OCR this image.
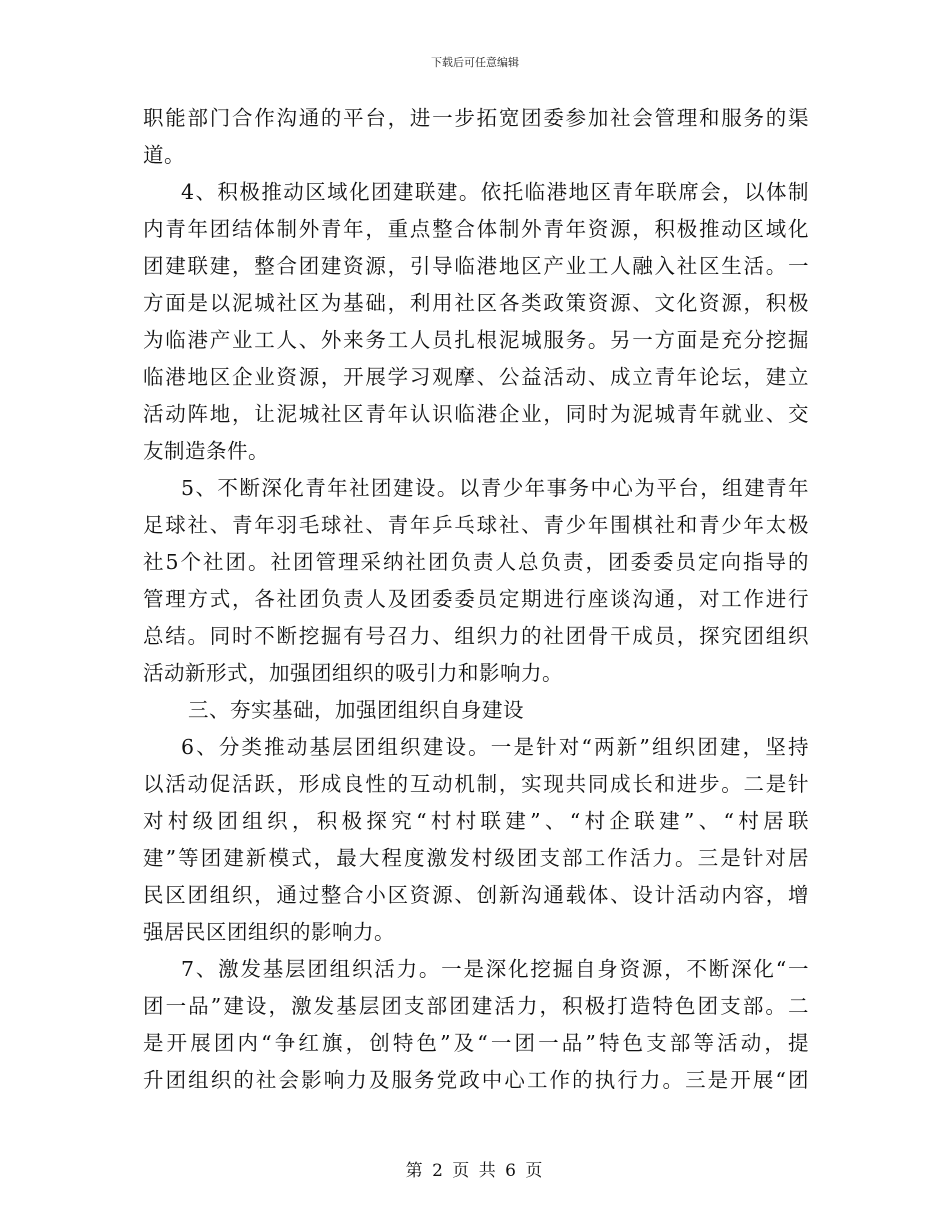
下载后可任意编辑
职能部门合作沟通的平台，进一步拓宽团委参加社会管理和服务的渠
道。
4、积极推动区域化团建联建。依托临港地区青年联席会，以体制
内青年团结体制外青年，重点整合体制外青年资源，积极推动区域化
团建联建，整合团建资源，引导临港地区产业工人融入社区生活。一
方面是以泥城社区为基础，利用社区各类政策资源、文化资源，积极
为临港产业工人、外来务工人员扎根泥城服务。另一方面是充分挖掘
临港地区企业资源，开展学习观摩、公益活动、成立青年论坛，建立
活动阵地，让泥城社区青年认识临港企业，同时为泥城青年就业、交
友制造条件。
5、不断深化青年社团建设。以青少年事务中心为平台，组建青年
足球社、青年羽毛球社、青年乒乓球社、青少年围棋社和青少年太极
社5个社团。社团管理采纳社团负责人总负责，团委委员定向指导的
管理方式，各社团负责人及团委委员定期进行座谈沟通，对工作进行
总结。同时不断挖掘有号召力、组织力的社团骨干成员，探究团组织
活动新形式，加强团组织的吸引力和影响力。
三、夯实基础，加强团组织自身建设
6、分类推动基层团组织建设。一是针对“两新”组织团建，坚持
以活动促活跃，形成良性的互动机制，实现共同成长和进步。二是针
对村级团组织，积极探究“村村联建”、“村企联建”、“村居联
建”等团建新模式，最大程度激发村级团支部工作活力。三是针对居
民区团组织，通过整合小区资源、创新沟通载体、设计活动内容，增
强居民区团组织的影响力。
7、激发基层团组织活力。一是深化挖掘自身资源，不断深化“一
团一品”建设，激发基层团支部团建活力，积极打造特色团支部。二
是开展团内“争红旗，创特色”及“一团一品”特色支部等活动，提
升团组织的社会影响力及服务党政中心工作的执行力。三是开展“团
第 2 页 共 6 页
